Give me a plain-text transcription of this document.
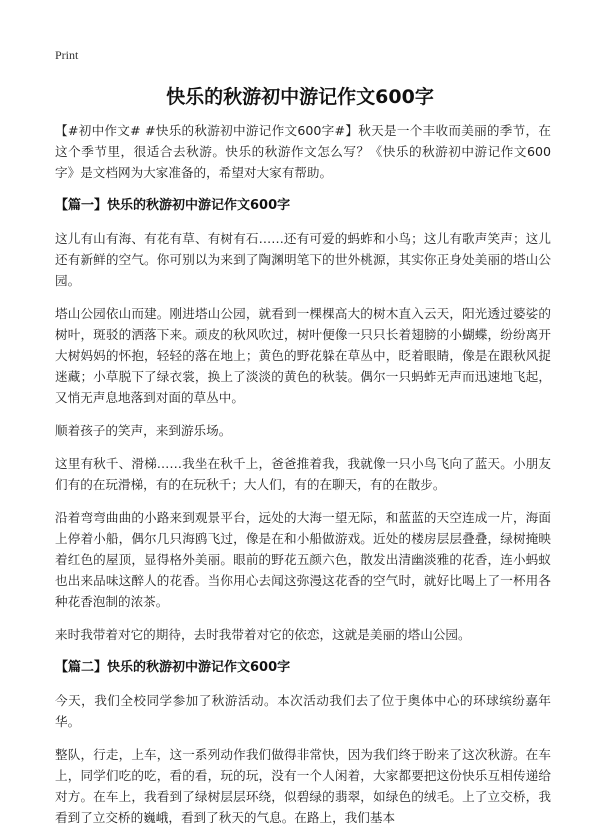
Print
快乐的秋游初中游记作文600字

【#初中作文# #快乐的秋游初中游记作文600字#】秋天是一个丰收而美丽的季节，在这个季节里，很适合去秋游。快乐的秋游作文怎么写？《快乐的秋游初中游记作文600字》是文档网为大家准备的，希望对大家有帮助。

【篇一】快乐的秋游初中游记作文600字

这儿有山有海、有花有草、有树有石……还有可爱的蚂蚱和小鸟；这儿有歌声笑声；这儿还有新鲜的空气。你可别以为来到了陶渊明笔下的世外桃源，其实你正身处美丽的塔山公园。

塔山公园依山而建。刚进塔山公园，就看到一棵棵高大的树木直入云天，阳光透过婆娑的树叶，斑驳的洒落下来。顽皮的秋风吹过，树叶便像一只只长着翅膀的小蝴蝶，纷纷离开大树妈妈的怀抱，轻轻的落在地上；黄色的野花躲在草丛中，眨着眼睛，像是在跟秋风捉迷藏；小草脱下了绿衣裳，换上了淡淡的黄色的秋装。偶尔一只蚂蚱无声而迅速地飞起，又悄无声息地落到对面的草丛中。

顺着孩子的笑声，来到游乐场。

这里有秋千、滑梯……我坐在秋千上，爸爸推着我，我就像一只小鸟飞向了蓝天。小朋友们有的在玩滑梯，有的在玩秋千；大人们，有的在聊天，有的在散步。

沿着弯弯曲曲的小路来到观景平台，远处的大海一望无际，和蓝蓝的天空连成一片，海面上停着小船，偶尔几只海鸥飞过，像是在和小船做游戏。近处的楼房层层叠叠，绿树掩映着红色的屋顶，显得格外美丽。眼前的野花五颜六色，散发出清幽淡雅的花香，连小蚂蚁也出来品味这醉人的花香。当你用心去闻这弥漫这花香的空气时，就好比喝上了一杯用各种花香泡制的浓茶。

来时我带着对它的期待，去时我带着对它的依恋，这就是美丽的塔山公园。

【篇二】快乐的秋游初中游记作文600字

今天，我们全校同学参加了秋游活动。本次活动我们去了位于奥体中心的环球缤纷嘉年华。

整队，行走，上车，这一系列动作我们做得非常快，因为我们终于盼来了这次秋游。在车上，同学们吃的吃，看的看，玩的玩，没有一个人闲着，大家都要把这份快乐互相传递给对方。在车上，我看到了绿树层层环绕，似碧绿的翡翠，如绿色的绒毛。上了立交桥，我看到了立交桥的巍峨，看到了秋天的气息。在路上，我们基本
